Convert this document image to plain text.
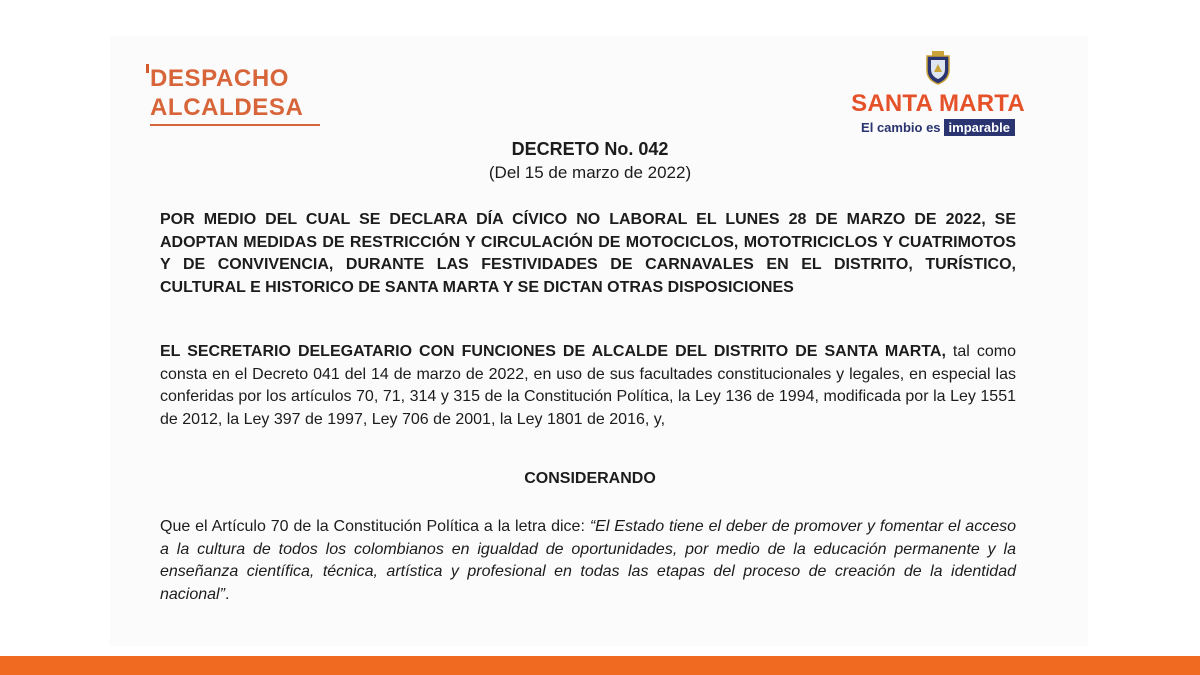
DESPACHO
ALCALDESA	SANTA MARTA
El cambio es imparable
DECRETO No. 042
(Del 15 de marzo de 2022)
POR MEDIO DEL CUAL SE DECLARA DÍA CÍVICO NO LABORAL EL LUNES 28 DE MARZO DE 2022, SE ADOPTAN MEDIDAS DE RESTRICCIÓN Y CIRCULACIÓN DE MOTOCICLOS, MOTOTRICICLOS Y CUATRIMOTOS Y DE CONVIVENCIA, DURANTE LAS FESTIVIDADES DE CARNAVALES EN EL DISTRITO, TURÍSTICO, CULTURAL E HISTORICO DE SANTA MARTA Y SE DICTAN OTRAS DISPOSICIONES
EL SECRETARIO DELEGATARIO CON FUNCIONES DE ALCALDE DEL DISTRITO DE SANTA MARTA, tal como consta en el Decreto 041 del 14 de marzo de 2022, en uso de sus facultades constitucionales y legales, en especial las conferidas por los artículos 70, 71, 314 y 315 de la Constitución Política, la Ley 136 de 1994, modificada por la Ley 1551 de 2012, la Ley 397 de 1997, Ley 706 de 2001, la Ley 1801 de 2016, y,
CONSIDERANDO
Que el Artículo 70 de la Constitución Política a la letra dice: “El Estado tiene el deber de promover y fomentar el acceso a la cultura de todos los colombianos en igualdad de oportunidades, por medio de la educación permanente y la enseñanza científica, técnica, artística y profesional en todas las etapas del proceso de creación de la identidad nacional”.
